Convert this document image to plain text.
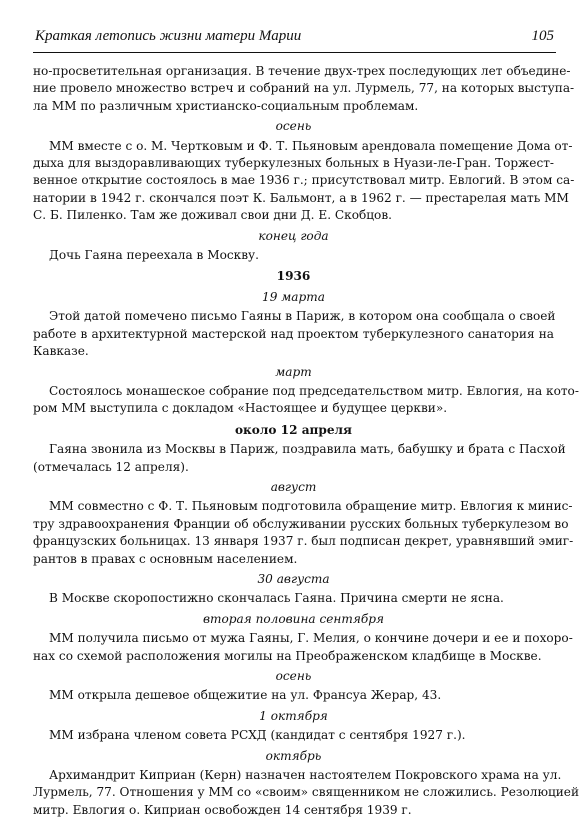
Краткая летопись жизни матери Марии	105

но-просветительная организация. В течение двух-трех последующих лет объедине-
ние провело множество встреч и собраний на ул. Лурмель, 77, на которых выступа-
ла ММ по различным христианско-социальным проблемам.

осень

ММ вместе с о. М. Чертковым и Ф. Т. Пьяновым арендовала помещение Дома от-
дыха для выздоравливающих туберкулезных больных в Нуази-ле-Гран. Торжест-
венное открытие состоялось в мае 1936 г.; присутствовал митр. Евлогий. В этом са-
натории в 1942 г. скончался поэт К. Бальмонт, а в 1962 г. — престарелая мать ММ
С. Б. Пиленко. Там же доживал свои дни Д. Е. Скобцов.

конец года

Дочь Гаяна переехала в Москву.

1936
19 марта

Этой датой помечено письмо Гаяны в Париж, в котором она сообщала о своей
работе в архитектурной мастерской над проектом туберкулезного санатория на
Кавказе.

март

Состоялось монашеское собрание под председательством митр. Евлогия, на кото-
ром ММ выступила с докладом «Настоящее и будущее церкви».

около 12 апреля

Гаяна звонила из Москвы в Париж, поздравила мать, бабушку и брата с Пасхой
(отмечалась 12 апреля).

август

ММ совместно с Ф. Т. Пьяновым подготовила обращение митр. Евлогия к минис-
тру здравоохранения Франции об обслуживании русских больных туберкулезом во
французских больницах. 13 января 1937 г. был подписан декрет, уравнявший эмиг-
рантов в правах с основным населением.

30 августа

В Москве скоропостижно скончалась Гаяна. Причина смерти не ясна.

вторая половина сентября

ММ получила письмо от мужа Гаяны, Г. Мелия, о кончине дочери и ее и похоро-
нах со схемой расположения могилы на Преображенском кладбище в Москве.

осень

ММ открыла дешевое общежитие на ул. Франсуа Жерар, 43.

1 октября

ММ избрана членом совета РСХД (кандидат с сентября 1927 г.).

октябрь

Архимандрит Киприан (Керн) назначен настоятелем Покровского храма на ул.
Лурмель, 77. Отношения у ММ со «своим» священником не сложились. Резолюцией
митр. Евлогия о. Киприан освобожден 14 сентября 1939 г.
